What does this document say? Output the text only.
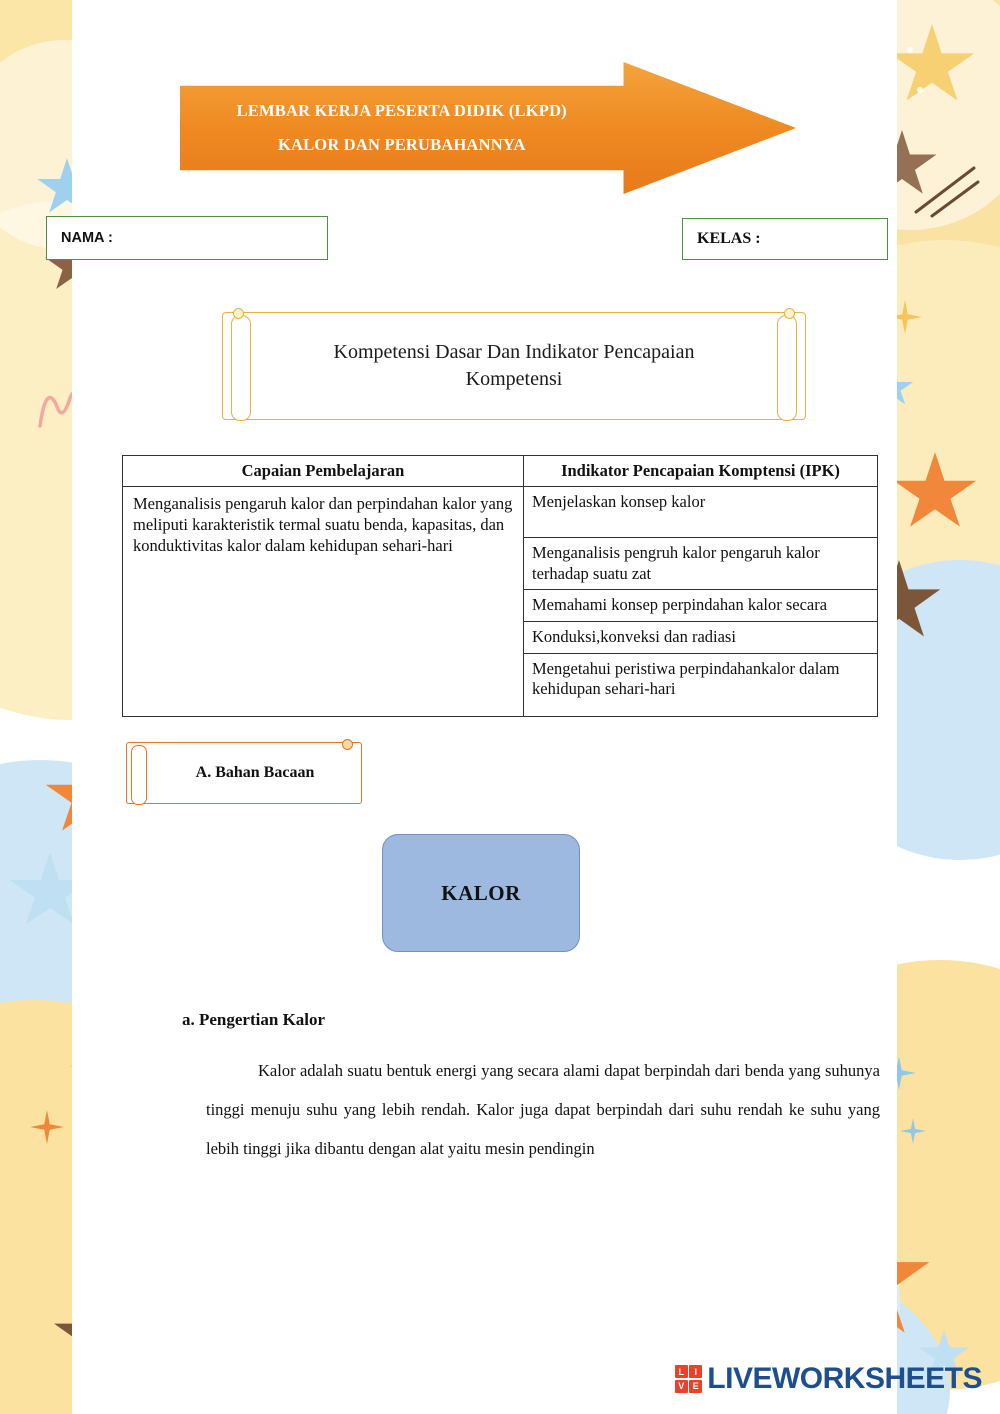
LEMBAR KERJA PESERTA DIDIK (LKPD)
KALOR DAN PERUBAHANNYA
NAMA :	KELAS :
Kompetensi Dasar Dan Indikator Pencapaian Kompetensi
Capaian Pembelajaran	Indikator Pencapaian Komptensi (IPK)
Menganalisis pengaruh kalor dan perpindahan kalor yang meliputi karakteristik termal suatu benda, kapasitas, dan konduktivitas kalor dalam kehidupan sehari-hari	Menjelaskan konsep kalor
	Menganalisis pengruh kalor pengaruh kalor terhadap suatu zat
	Memahami konsep perpindahan kalor secara
	Konduksi,konveksi dan radiasi
	Mengetahui peristiwa perpindahankalor dalam kehidupan sehari-hari
A. Bahan Bacaan
KALOR
a. Pengertian Kalor
Kalor adalah suatu bentuk energi yang secara alami dapat berpindah dari benda yang suhunya tinggi menuju suhu yang lebih rendah. Kalor juga dapat berpindah dari suhu rendah ke suhu yang lebih tinggi jika dibantu dengan alat yaitu mesin pendingin
L	I
V E LIVEWORKSHEETS
